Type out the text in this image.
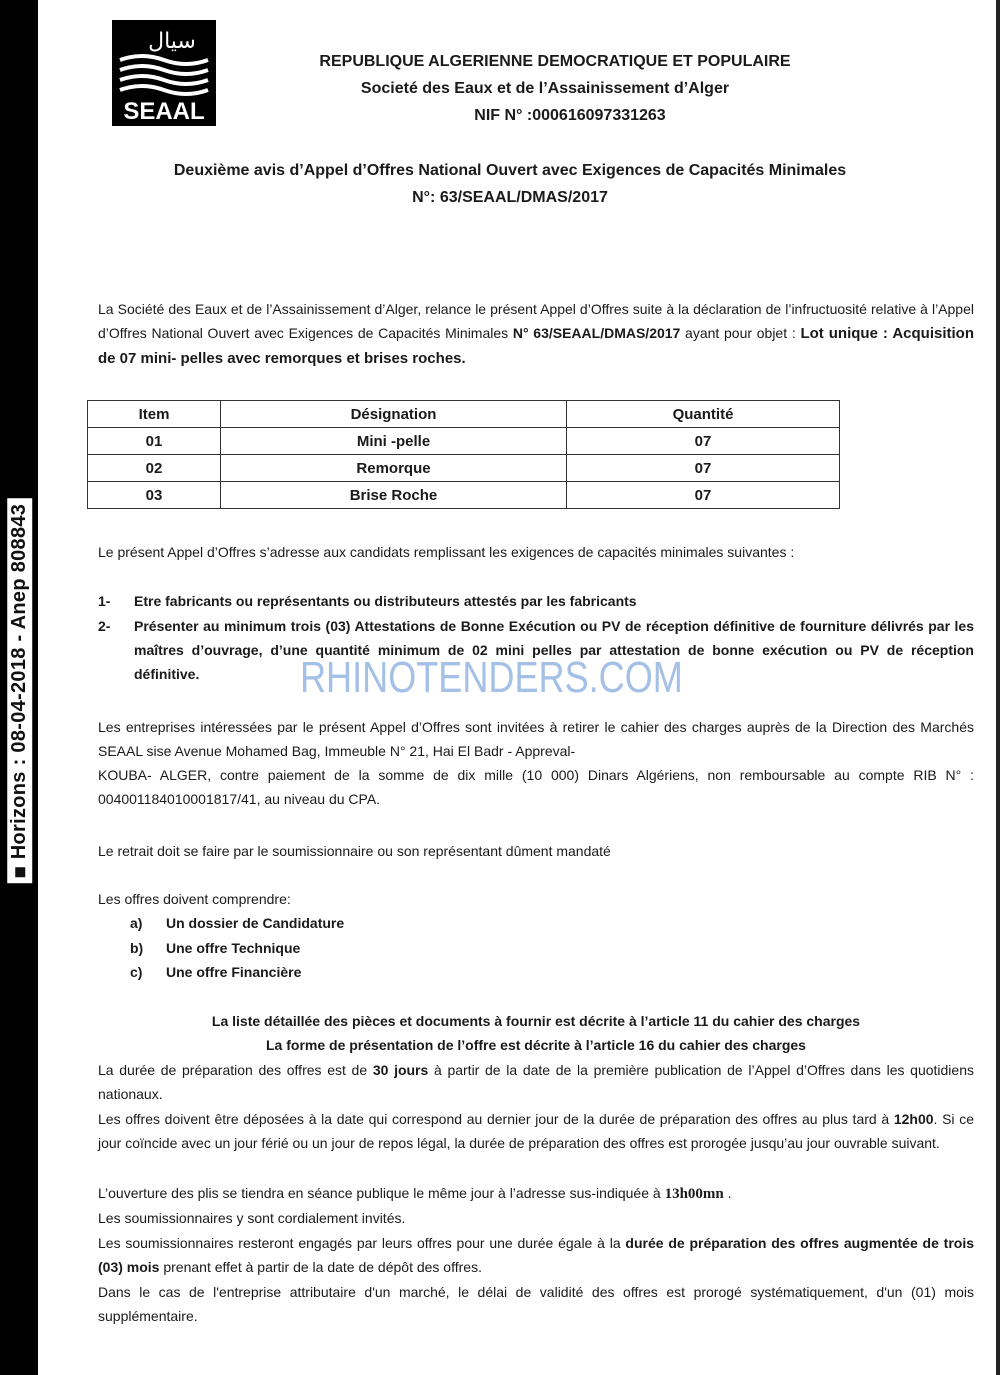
Horizons : 08-04-2018 - Anep 808843
سيال
SEAAL
REPUBLIQUE ALGERIENNE DEMOCRATIQUE ET POPULAIRE
Societé des Eaux et de l’Assainissement d’Alger
NIF N° :000616097331263
Deuxième avis d’Appel d’Offres National Ouvert avec Exigences de Capacités Minimales
N°: 63/SEAAL/DMAS/2017
La Société des Eaux et de l’Assainissement d’Alger, relance le présent Appel d’Offres suite à la déclaration de l’infructuosité relative à l’Appel d’Offres National Ouvert avec Exigences de Capacités Minimales N° 63/SEAAL/DMAS/2017 ayant pour objet : Lot unique : Acquisition de 07 mini- pelles avec remorques et brises roches.
Item	Désignation	Quantité
01	Mini -pelle	07
02	Remorque	07
03	Brise Roche	07
Le présent Appel d’Offres s’adresse aux candidats remplissant les exigences de capacités minimales suivantes :
1- Etre fabricants ou représentants ou distributeurs attestés par les fabricants
2- Présenter au minimum trois (03) Attestations de Bonne Exécution ou PV de réception définitive de fourniture délivrés par les maîtres d’ouvrage, d’une quantité minimum de 02 mini pelles par attestation de bonne exécution ou PV de réception définitive.	RHINOTENDERS.COM
Les entreprises intéressées par le présent Appel d’Offres sont invitées à retirer le cahier des charges auprès de la Direction des Marchés SEAAL sise Avenue Mohamed Bag, Immeuble N° 21, Hai El Badr - Appreval-
KOUBA- ALGER, contre paiement de la somme de dix mille (10 000) Dinars Algériens, non remboursable au compte RIB N° : 004001184010001817/41, au niveau du CPA.
Le retrait doit se faire par le soumissionnaire ou son représentant dûment mandaté
Les offres doivent comprendre:
a) Un dossier de Candidature
b) Une offre Technique
c) Une offre Financière
La liste détaillée des pièces et documents à fournir est décrite à l’article 11 du cahier des charges
La forme de présentation de l’offre est décrite à l’article 16 du cahier des charges
La durée de préparation des offres est de 30 jours à partir de la date de la première publication de l’Appel d’Offres dans les quotidiens nationaux.
Les offres doivent être déposées à la date qui correspond au dernier jour de la durée de préparation des offres au plus tard à 12h00. Si ce jour coïncide avec un jour férié ou un jour de repos légal, la durée de préparation des offres est prorogée jusqu’au jour ouvrable suivant.
L’ouverture des plis se tiendra en séance publique le même jour à l’adresse sus-indiquée à 13h00mn .
Les soumissionnaires y sont cordialement invités.
Les soumissionnaires resteront engagés par leurs offres pour une durée égale à la durée de préparation des offres augmentée de trois (03) mois prenant effet à partir de la date de dépôt des offres.
Dans le cas de l'entreprise attributaire d'un marché, le délai de validité des offres est prorogé systématiquement, d'un (01) mois supplémentaire.
